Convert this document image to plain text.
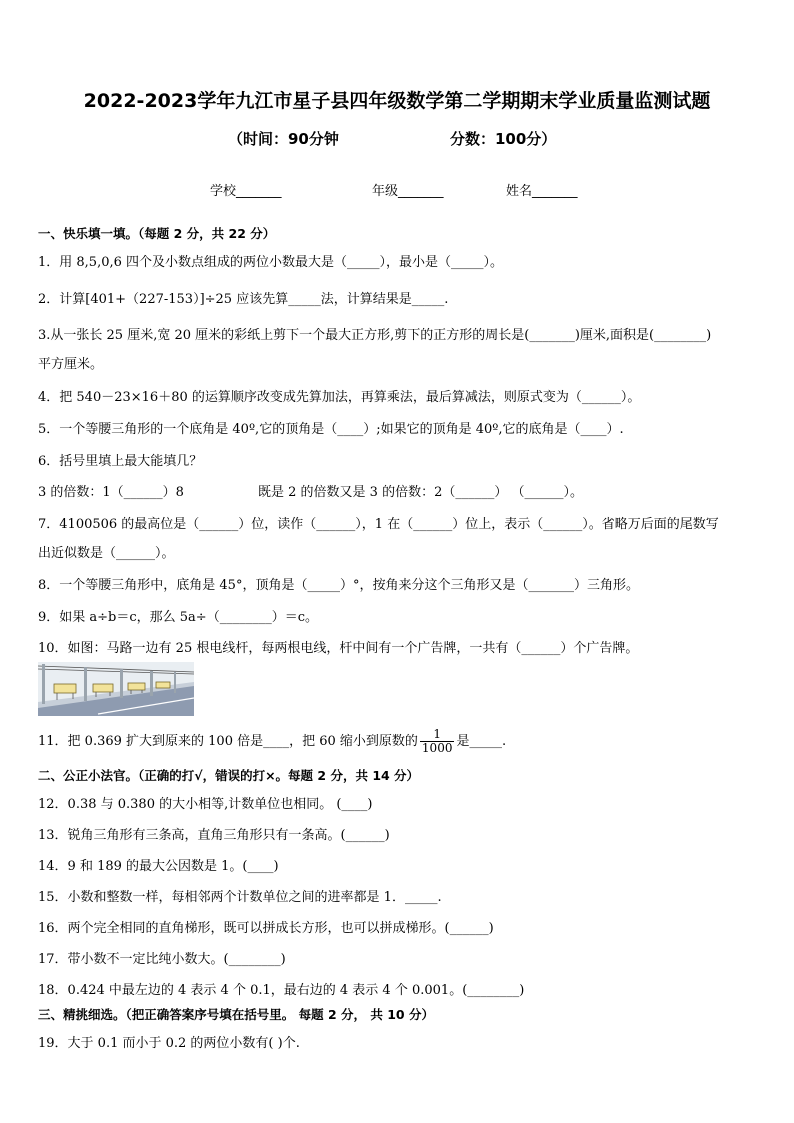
2022-2023学年九江市星子县四年级数学第二学期期末学业质量监测试题
（时间：90分钟	分数：100分）
学校_______	年级_______	姓名_______
一、快乐填一填。（每题 2 分，共 22 分）
1．用 8,5,0,6 四个及小数点组成的两位小数最大是（_____），最小是（_____）。
2．计算[401+（227-153）]÷25 应该先算_____法，计算结果是_____.
3.从一张长 25 厘米,宽 20 厘米的彩纸上剪下一个最大正方形,剪下的正方形的周长是(_______)厘米,面积是(________)
平方厘米。
4．把 540－23×16＋80 的运算顺序改变成先算加法，再算乘法，最后算减法，则原式变为（______）。
5．一个等腰三角形的一个底角是 40º,它的顶角是（____）;如果它的顶角是 40º,它的底角是（____）.
6．括号里填上最大能填几？
3 的倍数：1（______）8	既是 2 的倍数又是 3 的倍数：2（______） （______）。
7．4100506 的最高位是（______）位，读作（______），1 在（______）位上，表示（______）。省略万后面的尾数写
出近似数是（______）。
8．一个等腰三角形中，底角是 45°，顶角是（_____）°，按角来分这个三角形又是（_______）三角形。
9．如果 a÷b＝c，那么 5a÷（________）＝c。
10．如图：马路一边有 25 根电线杆，每两根电线，杆中间有一个广告牌，一共有（______）个广告牌。
11．把 0.369 扩大到原来的 100 倍是____，把 60 缩小到原数的 $\frac{1}{1000}$ 是_____.
二、公正小法官。（正确的打√，错误的打×。每题 2 分，共 14 分）
12．0.38 与 0.380 的大小相等,计数单位也相同。 (____)
13．锐角三角形有三条高，直角三角形只有一条高。(______)
14．9 和 189 的最大公因数是 1。(____)
15．小数和整数一样，每相邻两个计数单位之间的进率都是 1．_____.
16．两个完全相同的直角梯形，既可以拼成长方形，也可以拼成梯形。(______)
17．带小数不一定比纯小数大。(________)
18．0.424 中最左边的 4 表示 4 个 0.1，最右边的 4 表示 4 个 0.001。(________)
三、精挑细选。（把正确答案序号填在括号里。 每题 2 分， 共 10 分）
19．大于 0.1 而小于 0.2 的两位小数有( )个.
